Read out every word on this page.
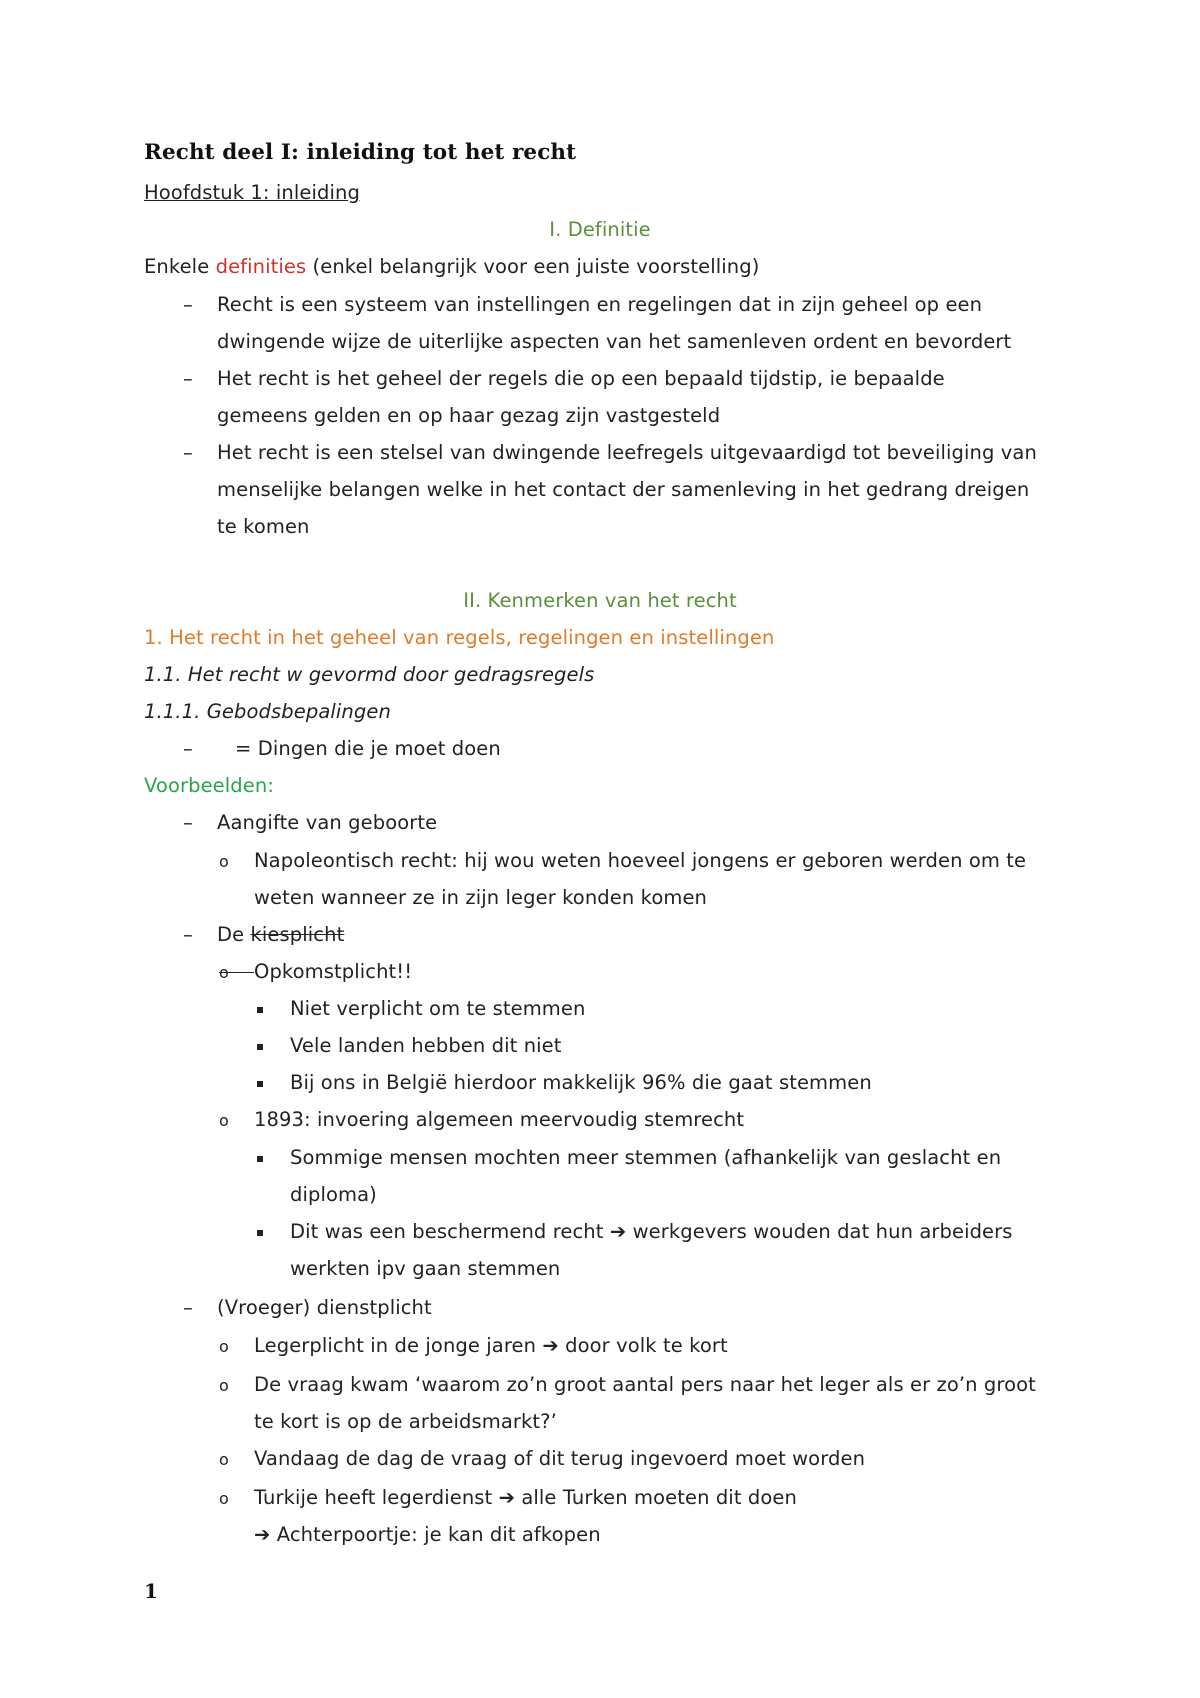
Recht deel I: inleiding tot het recht
Hoofdstuk 1: inleiding
I. Definitie
Enkele definities (enkel belangrijk voor een juiste voorstelling)
– Recht is een systeem van instellingen en regelingen dat in zijn geheel op een
dwingende wijze de uiterlijke aspecten van het samenleven ordent en bevordert
– Het recht is het geheel der regels die op een bepaald tijdstip, ie bepaalde
gemeens gelden en op haar gezag zijn vastgesteld
– Het recht is een stelsel van dwingende leefregels uitgevaardigd tot beveiliging van
menselijke belangen welke in het contact der samenleving in het gedrang dreigen
te komen
II. Kenmerken van het recht
1. Het recht in het geheel van regels, regelingen en instellingen
1.1. Het recht w gevormd door gedragsregels
1.1.1. Gebodsbepalingen
– = Dingen die je moet doen
Voorbeelden:
– Aangifte van geboorte
o Napoleontisch recht: hij wou weten hoeveel jongens er geboren werden om te
weten wanneer ze in zijn leger konden komen
– De kiesplicht
Opkomstplicht!!
Niet verplicht om te stemmen
Vele landen hebben dit niet
Bij ons in België hierdoor makkelijk 96% die gaat stemmen
o 1893: invoering algemeen meervoudig stemrecht
Sommige mensen mochten meer stemmen (afhankelijk van geslacht en
diploma)
Dit was een beschermend recht ➔ werkgevers wouden dat hun arbeiders
werkten ipv gaan stemmen
– (Vroeger) dienstplicht
o Legerplicht in de jonge jaren ➔ door volk te kort
o De vraag kwam ‘waarom zo’n groot aantal pers naar het leger als er zo’n groot
te kort is op de arbeidsmarkt?’
o Vandaag de dag de vraag of dit terug ingevoerd moet worden
o Turkije heeft legerdienst ➔ alle Turken moeten dit doen
➔ Achterpoortje: je kan dit afkopen
1
